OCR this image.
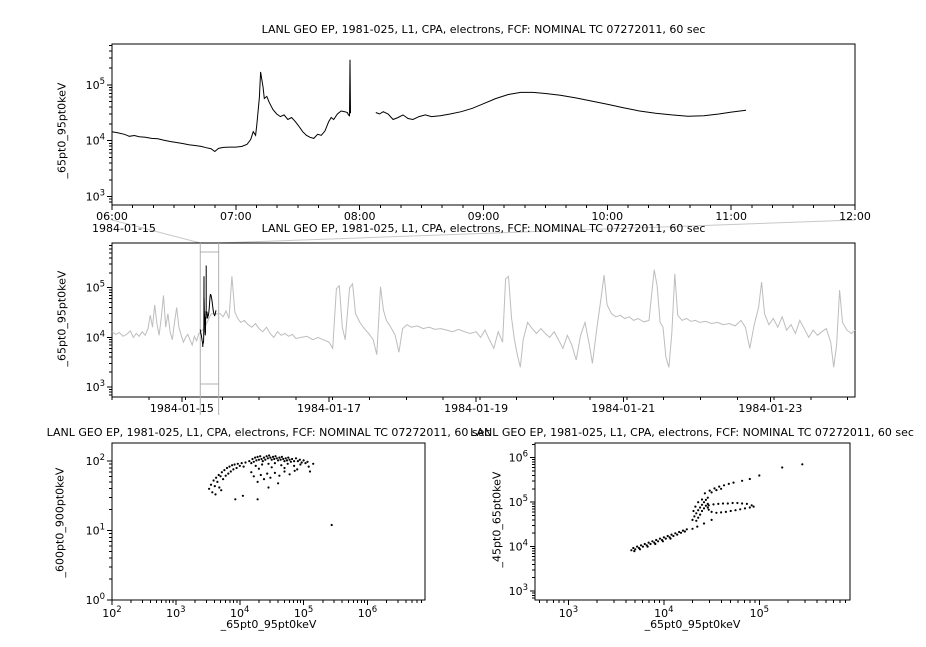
$10^3$
$10^4$
$10^5$
06:00	07:00	08:00	09:00	10:00	11:00	12:00
$10^3$
$10^4$
$10^5$
1984-01-15	1984-01-17	1984-01-19	1984-01-21	1984-01-23
$10^0$
$10^1$
$10^2$
$10^2$	$10^3$	$10^4$	$10^5$	$10^6$
$10^3$
$10^4$
$10^5$
$10^6$
$10^3$	$10^4$	$10^5$
LANL GEO EP, 1981-025, L1, CPA, electrons, FCF: NOMINAL TC 07272011, 60 sec
LANL GEO EP, 1981-025, L1, CPA, electrons, FCF: NOMINAL TC 07272011, 60 sec
LANL GEO EP, 1981-025, L1, CPA, electrons, FCF: NOMINAL TC 07272011, 60 sec
LANL GEO EP, 1981-025, L1, CPA, electrons, FCF: NOMINAL TC 07272011, 60 sec
_65pt0_95pt0keV
_65pt0_95pt0keV
_600pt0_900pt0keV	_45pt0_65pt0keV
_65pt0_95pt0keV	_65pt0_95pt0keV
1984-01-15
